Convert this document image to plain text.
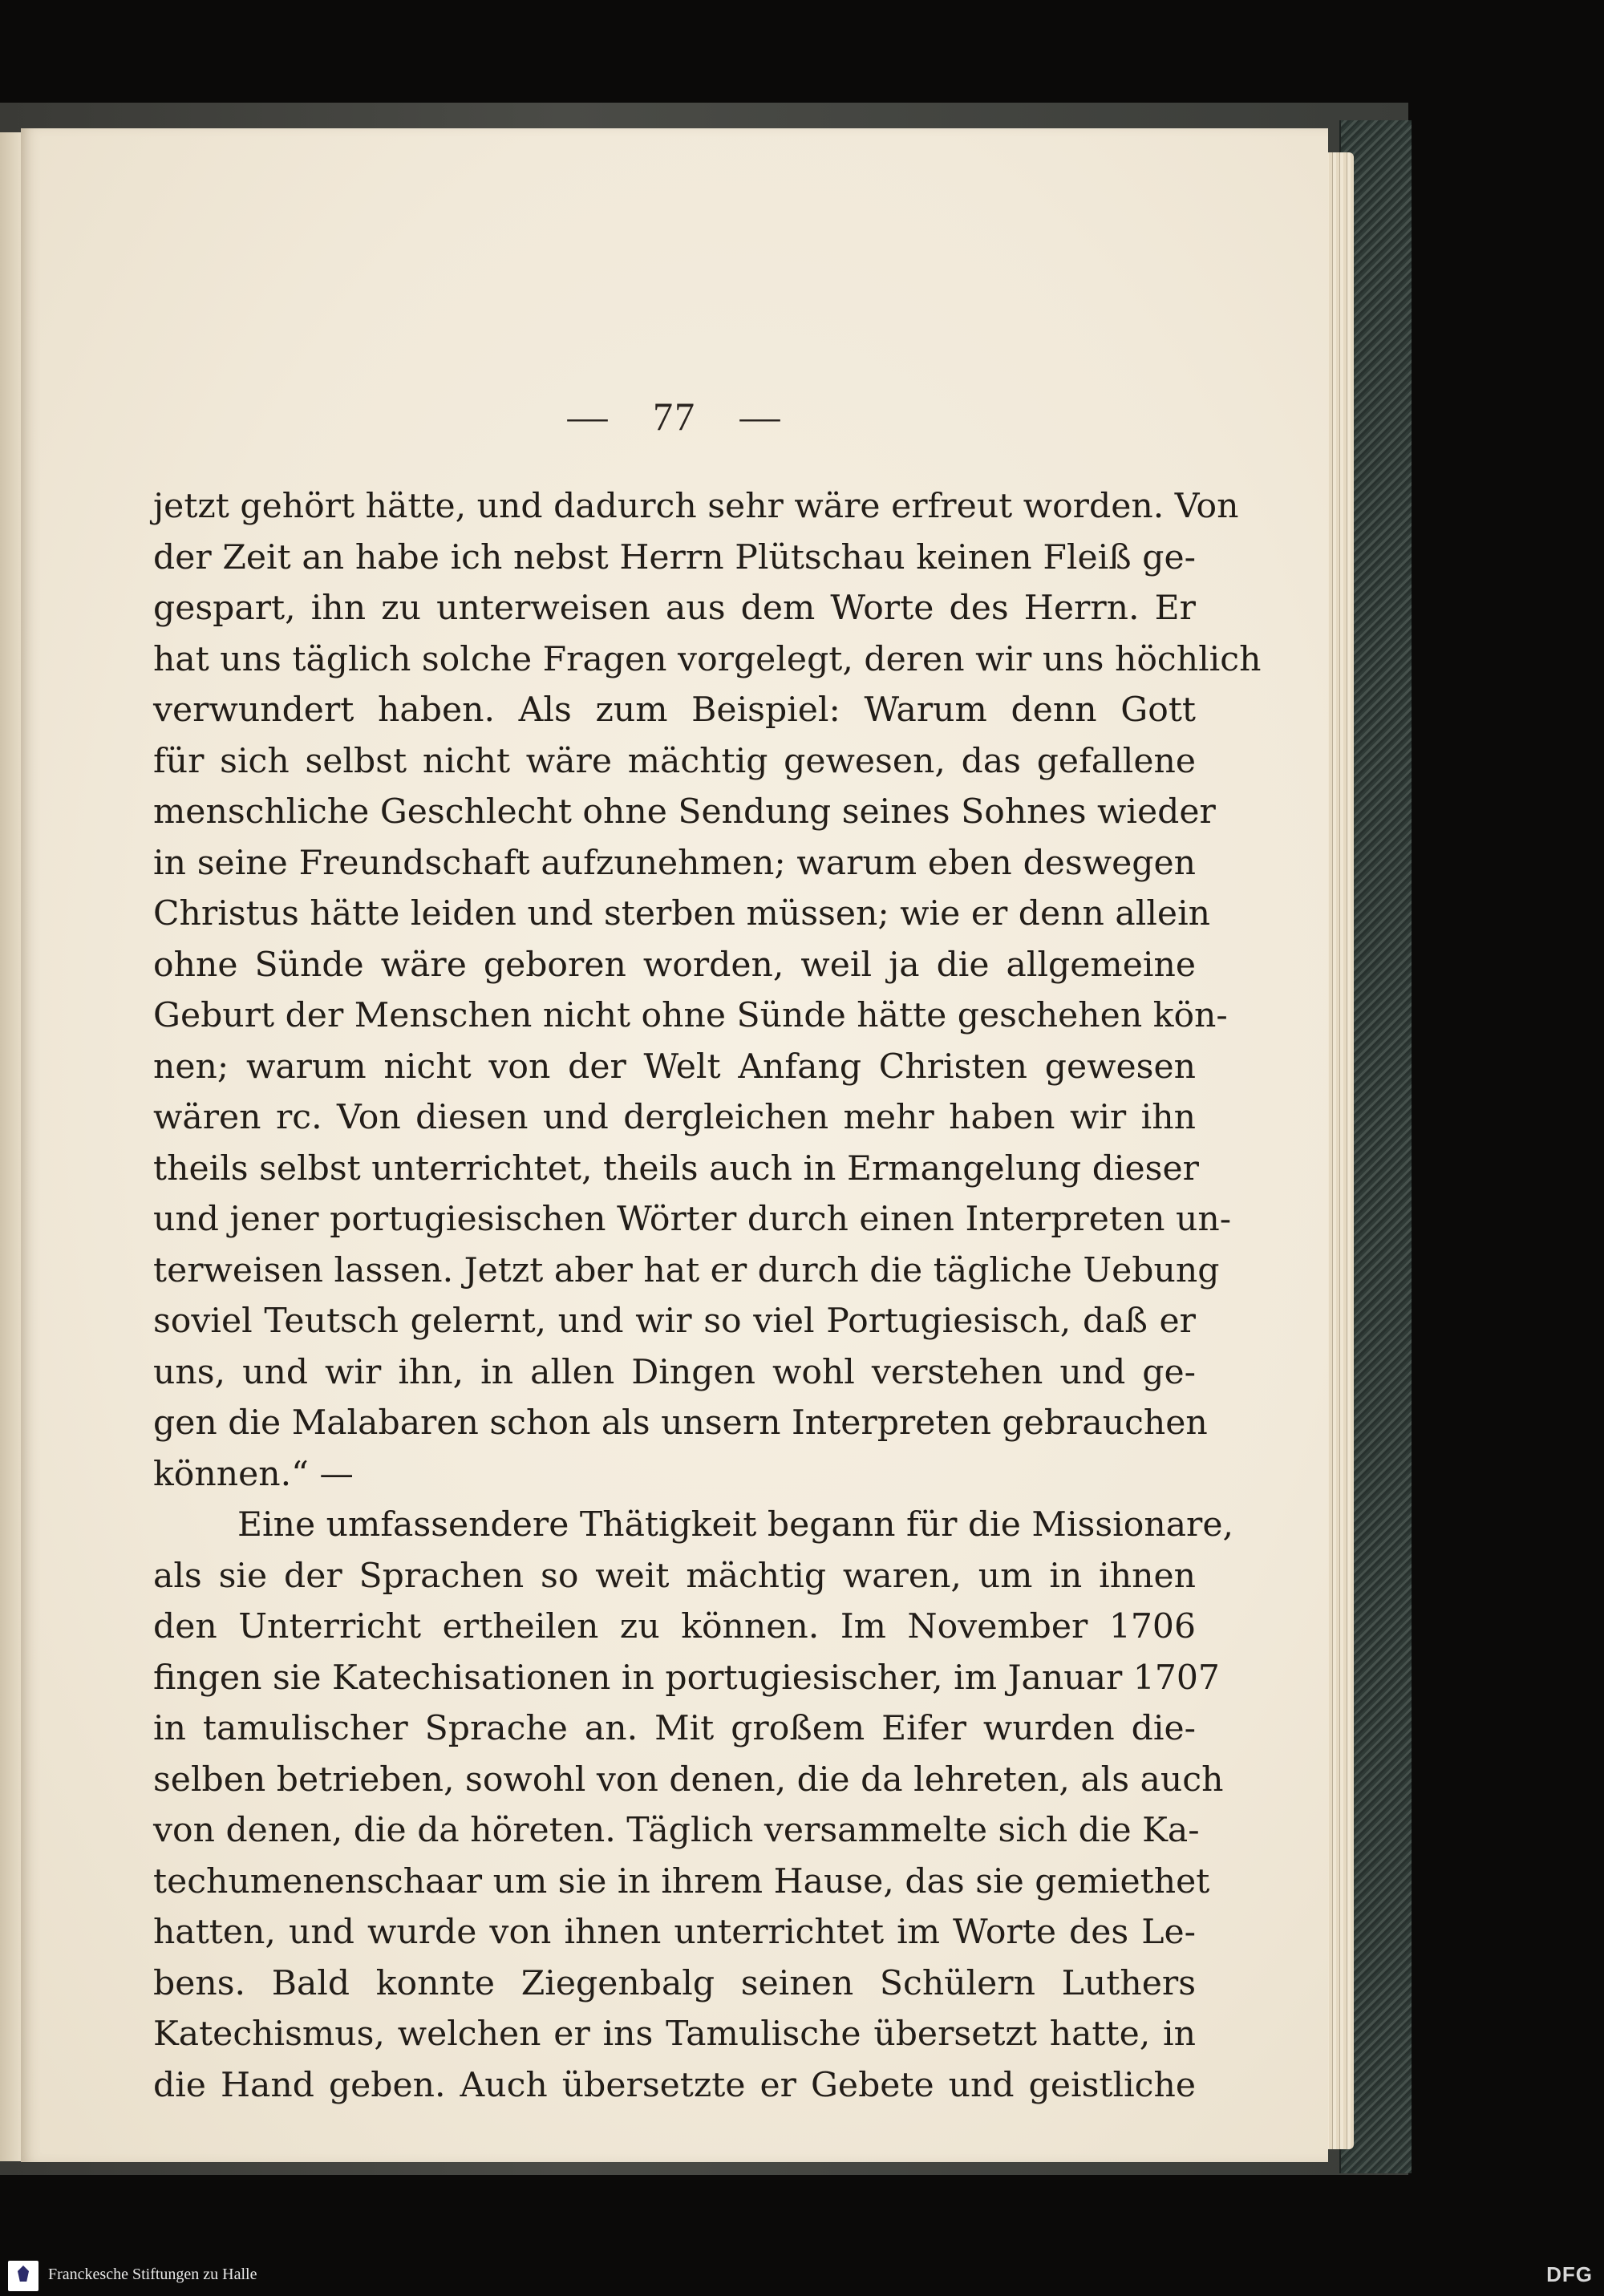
— 77 —
jetzt gehört hätte, und dadurch sehr wäre erfreut worden. Von
der Zeit an habe ich nebst Herrn Plütschau keinen Fleiß ge-
gespart, ihn zu unterweisen aus dem Worte des Herrn. Er
hat uns täglich solche Fragen vorgelegt, deren wir uns höchlich
verwundert haben. Als zum Beispiel: Warum denn Gott
für sich selbst nicht wäre mächtig gewesen, das gefallene
menschliche Geschlecht ohne Sendung seines Sohnes wieder
in seine Freundschaft aufzunehmen; warum eben deswegen
Christus hätte leiden und sterben müssen; wie er denn allein
ohne Sünde wäre geboren worden, weil ja die allgemeine
Geburt der Menschen nicht ohne Sünde hätte geschehen kön-
nen; warum nicht von der Welt Anfang Christen gewesen
wären rc. Von diesen und dergleichen mehr haben wir ihn
theils selbst unterrichtet, theils auch in Ermangelung dieser
und jener portugiesischen Wörter durch einen Interpreten un-
terweisen lassen. Jetzt aber hat er durch die tägliche Uebung
soviel Teutsch gelernt, und wir so viel Portugiesisch, daß er
uns, und wir ihn, in allen Dingen wohl verstehen und ge-
gen die Malabaren schon als unsern Interpreten gebrauchen
können.“ —
Eine umfassendere Thätigkeit begann für die Missionare,
als sie der Sprachen so weit mächtig waren, um in ihnen
den Unterricht ertheilen zu können. Im November 1706
fingen sie Katechisationen in portugiesischer, im Januar 1707
in tamulischer Sprache an. Mit großem Eifer wurden die-
selben betrieben, sowohl von denen, die da lehreten, als auch
von denen, die da höreten. Täglich versammelte sich die Ka-
techumenenschaar um sie in ihrem Hause, das sie gemiethet
hatten, und wurde von ihnen unterrichtet im Worte des Le-
bens. Bald konnte Ziegenbalg seinen Schülern Luthers
Katechismus, welchen er ins Tamulische übersetzt hatte, in
die Hand geben. Auch übersetzte er Gebete und geistliche
Franckesche Stiftungen zu Halle	DFG
